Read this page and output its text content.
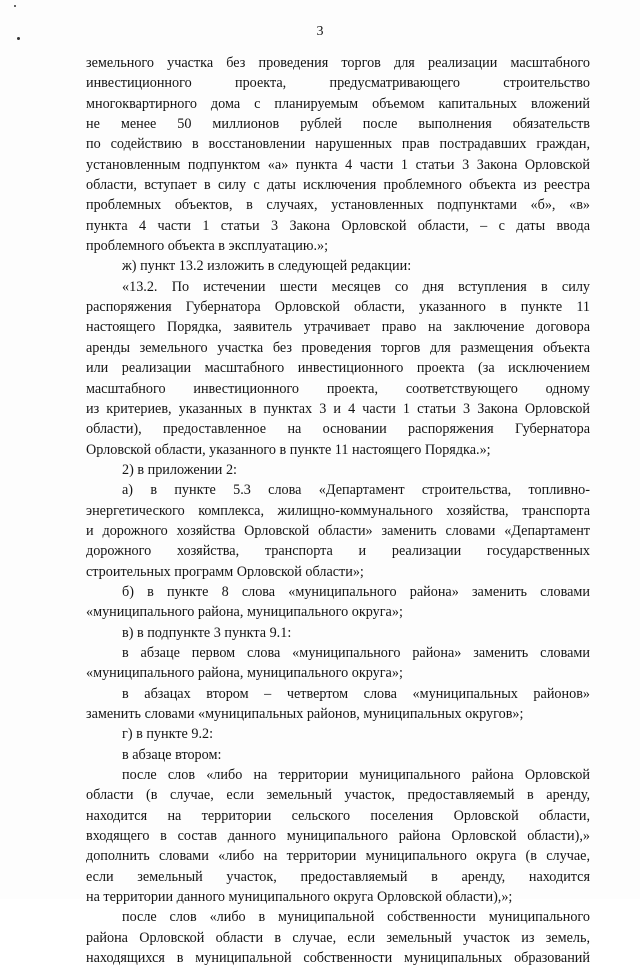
3
земельного участка без проведения торгов для реализации масштабного
инвестиционного проекта, предусматривающего строительство
многоквартирного дома с планируемым объемом капитальных вложений
не менее 50 миллионов рублей после выполнения обязательств
по содействию в восстановлении нарушенных прав пострадавших граждан,
установленным подпунктом «а» пункта 4 части 1 статьи 3 Закона Орловской
области, вступает в силу с даты исключения проблемного объекта из реестра
проблемных объектов, в случаях, установленных подпунктами «б», «в»
пункта 4 части 1 статьи 3 Закона Орловской области, – с даты ввода
проблемного объекта в эксплуатацию.»;
ж) пункт 13.2 изложить в следующей редакции:
«13.2. По истечении шести месяцев со дня вступления в силу
распоряжения Губернатора Орловской области, указанного в пункте 11
настоящего Порядка, заявитель утрачивает право на заключение договора
аренды земельного участка без проведения торгов для размещения объекта
или реализации масштабного инвестиционного проекта (за исключением
масштабного инвестиционного проекта, соответствующего одному
из критериев, указанных в пунктах 3 и 4 части 1 статьи 3 Закона Орловской
области), предоставленное на основании распоряжения Губернатора
Орловской области, указанного в пункте 11 настоящего Порядка.»;
2) в приложении 2:
а) в пункте 5.3 слова «Департамент строительства, топливно-
энергетического комплекса, жилищно-коммунального хозяйства, транспорта
и дорожного хозяйства Орловской области» заменить словами «Департамент
дорожного хозяйства, транспорта и реализации государственных
строительных программ Орловской области»;
б) в пункте 8 слова «муниципального района» заменить словами
«муниципального района, муниципального округа»;
в) в подпункте 3 пункта 9.1:
в абзаце первом слова «муниципального района» заменить словами
«муниципального района, муниципального округа»;
в абзацах втором – четвертом слова «муниципальных районов»
заменить словами «муниципальных районов, муниципальных округов»;
г) в пункте 9.2:
в абзаце втором:
после слов «либо на территории муниципального района Орловской
области (в случае, если земельный участок, предоставляемый в аренду,
находится на территории сельского поселения Орловской области,
входящего в состав данного муниципального района Орловской области),»
дополнить словами «либо на территории муниципального округа (в случае,
если земельный участок, предоставляемый в аренду, находится
на территории данного муниципального округа Орловской области),»;
после слов «либо в муниципальной собственности муниципального
района Орловской области в случае, если земельный участок из земель,
находящихся в муниципальной собственности муниципальных образований
